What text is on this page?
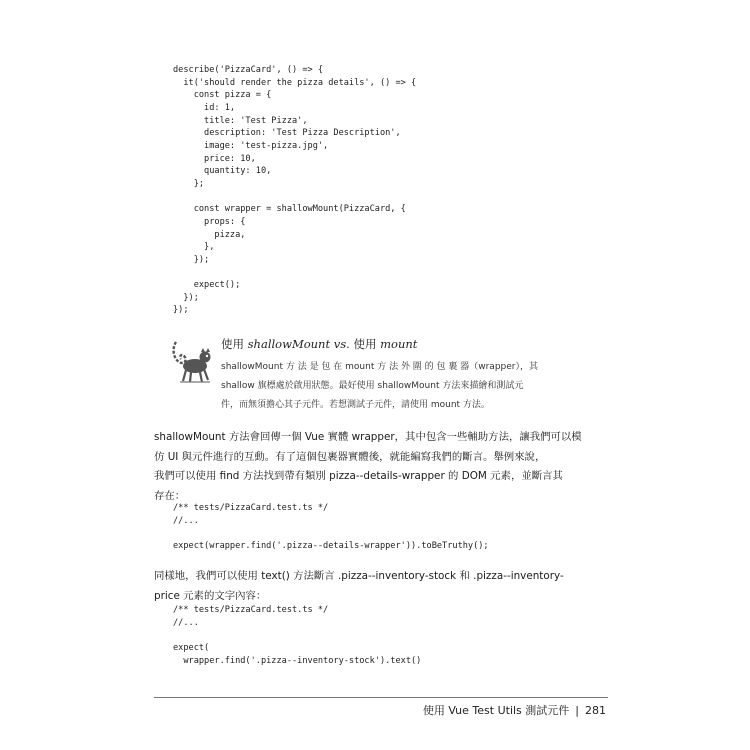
describe('PizzaCard', () => {
it('should render the pizza details', () => {
const pizza = {
id: 1,
title: 'Test Pizza',
description: 'Test Pizza Description',
image: 'test-pizza.jpg',
price: 10,
quantity: 10,
};

const wrapper = shallowMount(PizzaCard, {
props: {
pizza,
},
});

expect();
});
});
使用 shallowMount vs. 使用 mount
shallowMount 方 法 是 包 在 mount 方 法 外 圍 的 包 裹 器（wrapper），其
shallow 旗標處於啟用狀態。最好使用 shallowMount 方法來描繪和測試元
件，而無須擔心其子元件。若想測試子元件，請使用 mount 方法。
shallowMount 方法會回傳一個 Vue 實體 wrapper，其中包含一些輔助方法，讓我們可以模
仿 UI 與元件進行的互動。有了這個包裹器實體後，就能編寫我們的斷言。舉例來說，
我們可以使用 find 方法找到帶有類別 pizza--details-wrapper 的 DOM 元素，並斷言其
存在：
/** tests/PizzaCard.test.ts */
//...

expect(wrapper.find('.pizza--details-wrapper')).toBeTruthy();
同樣地，我們可以使用 text() 方法斷言 .pizza--inventory-stock 和 .pizza--inventory-
price 元素的文字內容：
/** tests/PizzaCard.test.ts */
//...

expect(
wrapper.find('.pizza--inventory-stock').text()
使用 Vue Test Utils 測試元件 | 281
